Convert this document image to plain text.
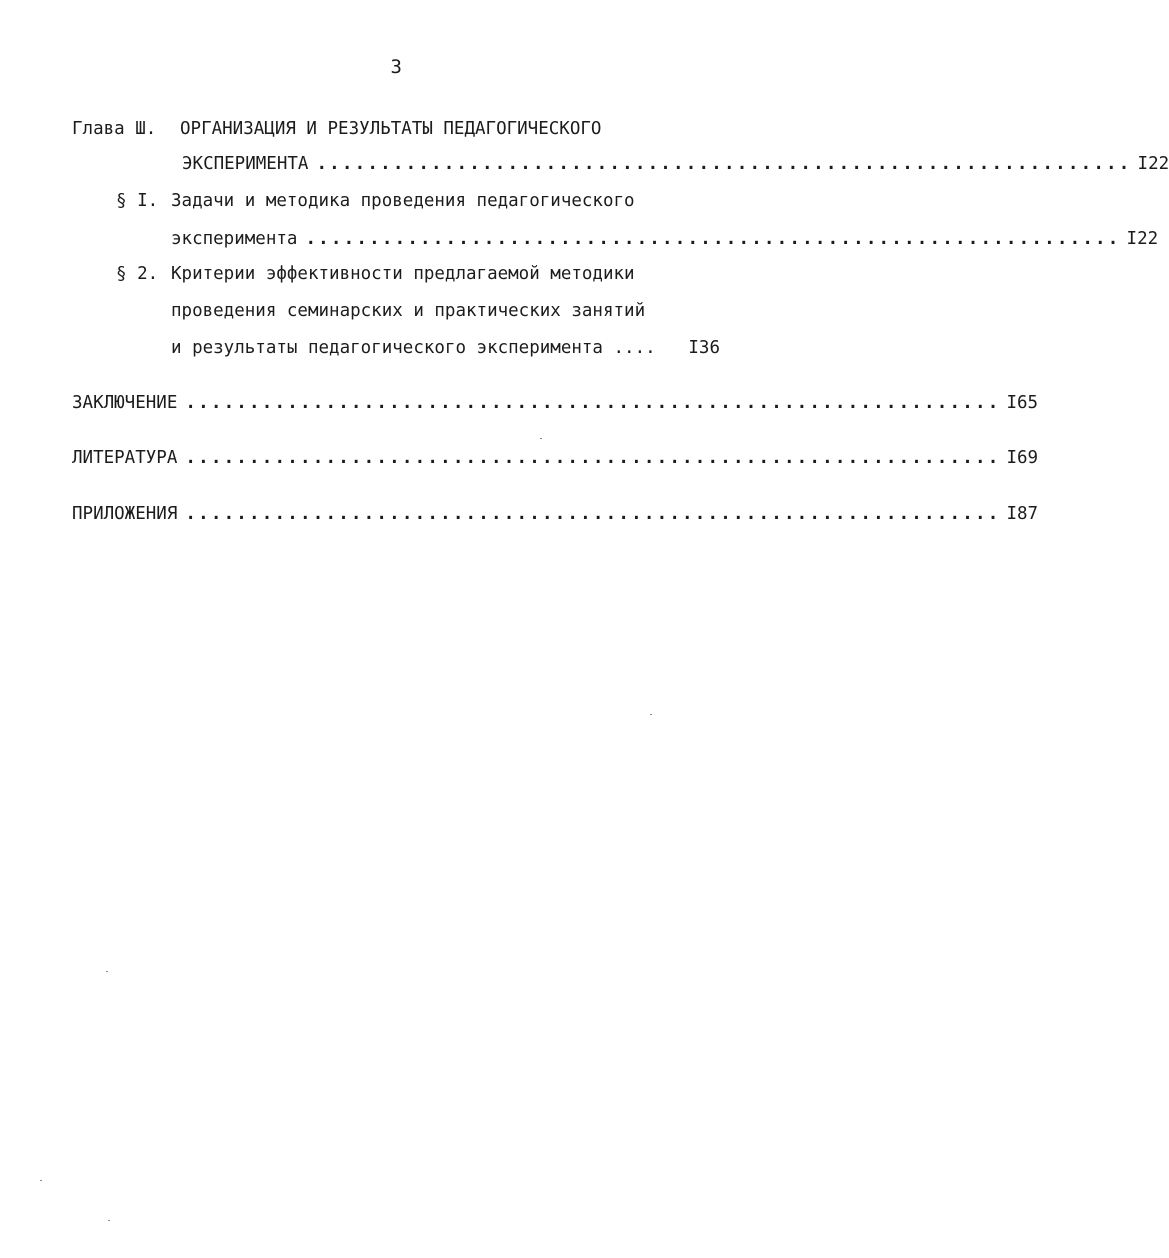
3
Глава Ш. ОРГАНИЗАЦИЯ И РЕЗУЛЬТАТЫ ПЕДАГОГИЧЕСКОГО
ЭКСПЕРИМЕНТА ................................................................ I22
§ I. Задачи и методика проведения педагогического
эксперимента ................................................................ I22
§ 2. Критерии эффективности предлагаемой методики
проведения семинарских и практических занятий
и результаты педагогического эксперимента .... I36
ЗАКЛЮЧЕНИЕ ................................................................ I65
ЛИТЕРАТУРА ................................................................ I69
ПРИЛОЖЕНИЯ ................................................................ I87
